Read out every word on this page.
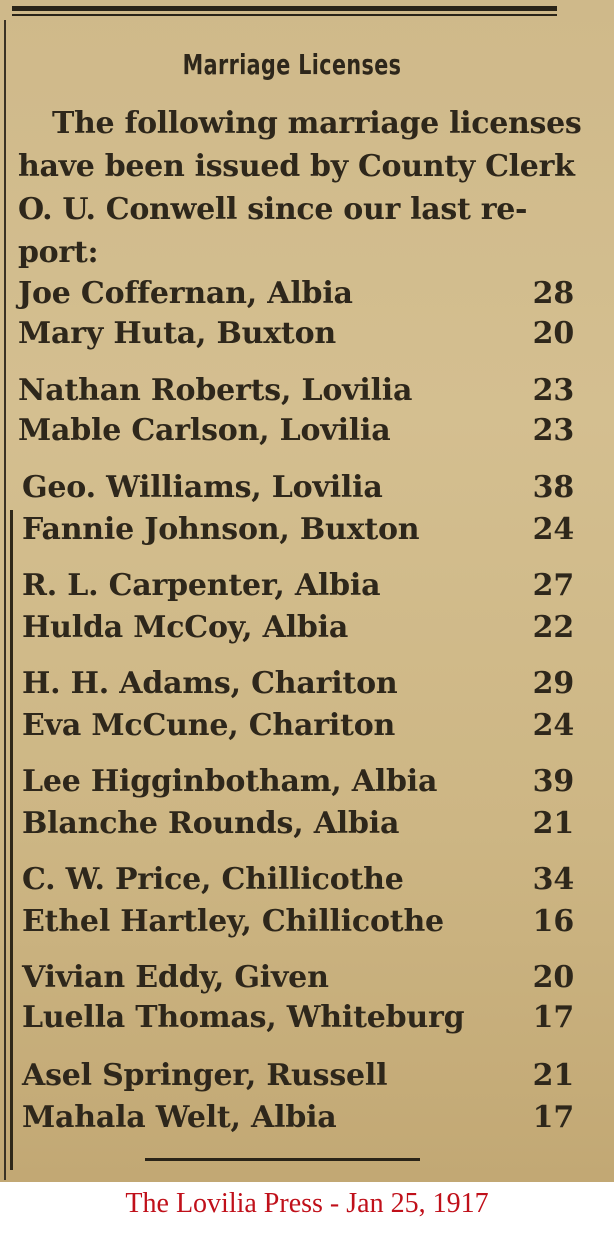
Marriage Licenses
The following marriage licenses
have been issued by County Clerk
O. U. Conwell since our last re-
port:
Joe Coffernan, Albia	28
Mary Huta, Buxton	20
Nathan Roberts, Lovilia	23
Mable Carlson, Lovilia	23
Geo. Williams, Lovilia	38
Fannie Johnson, Buxton	24
R. L. Carpenter, Albia	27
Hulda McCoy, Albia	22
H. H. Adams, Chariton	29
Eva McCune, Chariton	24
Lee Higginbotham, Albia	39
Blanche Rounds, Albia	21
C. W. Price, Chillicothe	34
Ethel Hartley, Chillicothe	16
Vivian Eddy, Given	20
Luella Thomas, Whiteburg 17
Asel Springer, Russell	21
Mahala Welt, Albia	17
The Lovilia Press - Jan 25, 1917
